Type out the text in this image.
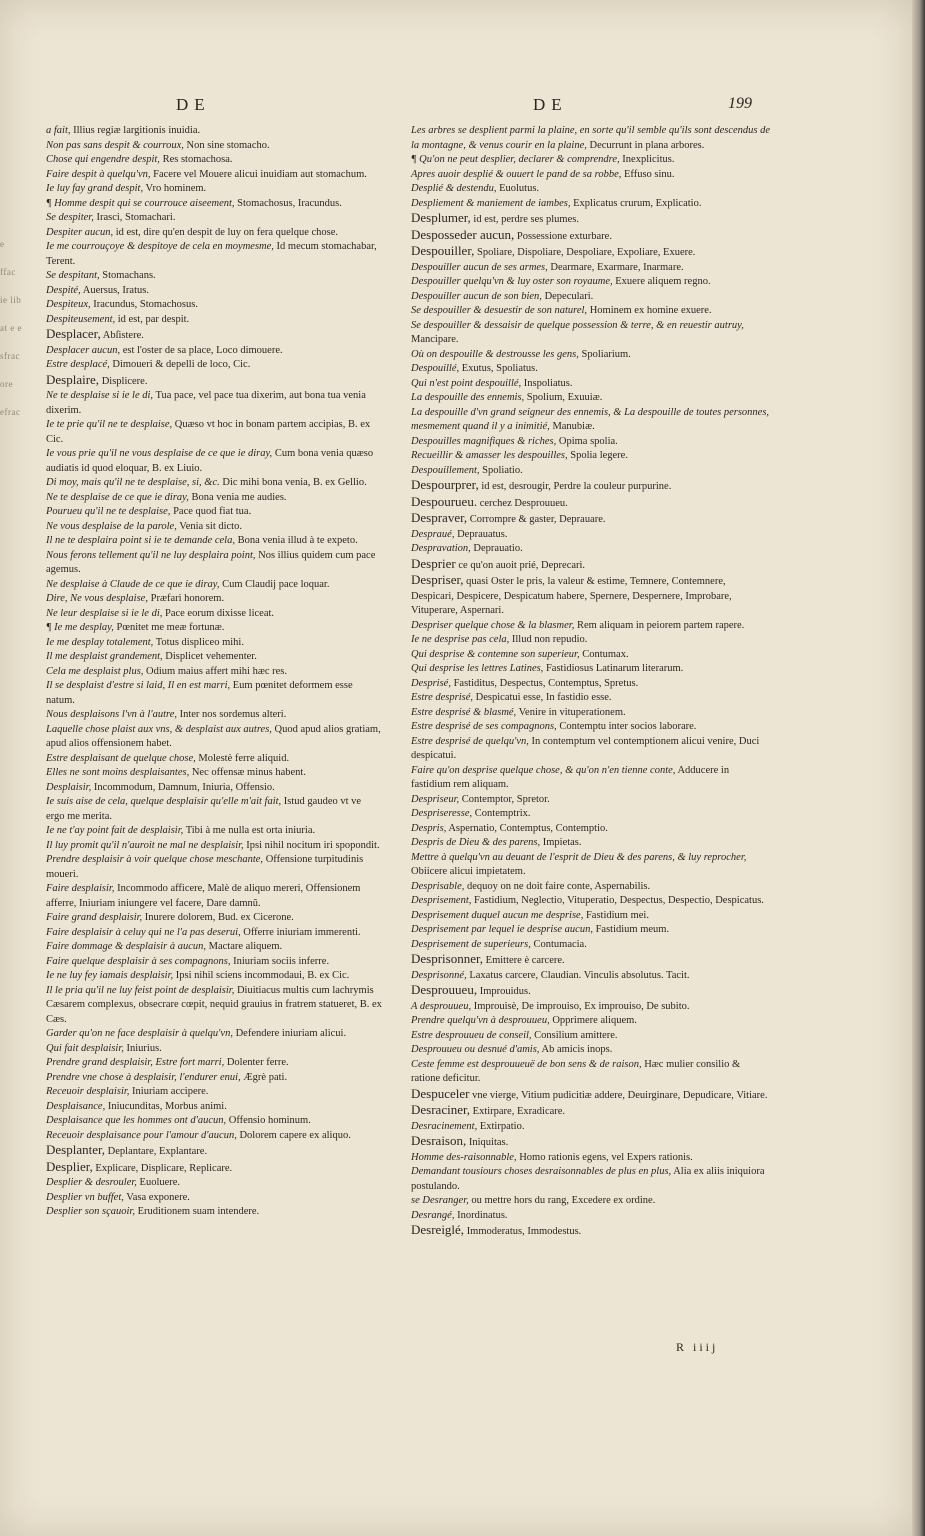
e ffac ie lib at e e sfrac ore efrac
DE	DE	199

a fait, Illius regiæ largitionis inuidia.

Non pas sans despit & courroux, Non sine stomacho.

Chose qui engendre despit, Res stomachosa.

Faire despit à quelqu'vn, Facere vel Mouere alicui inuidiam aut stomachum.

Ie luy fay grand despit, Vro hominem.

¶ Homme despit qui se courrouce aiseement, Stomachosus, Iracundus.

Se despiter, Irasci, Stomachari.

Despiter aucun, id est, dire qu'en despit de luy on fera quelque chose.

Ie me courrouçoye & despitoye de cela en moymesme, Id mecum stomachabar, Terent.

Se despitant, Stomachans.

Despité, Auersus, Iratus.

Despiteux, Iracundus, Stomachosus.

Despiteusement, id est, par despit.

Desplacer, Abſistere.

Desplacer aucun, est l'oster de sa place, Loco dimouere.

Estre desplacé, Dimoueri & depelli de loco, Cic.

Desplaire, Displicere.

Ne te desplaise si ie le di, Tua pace, vel pace tua dixerim, aut bona tua venia dixerim.

Ie te prie qu'il ne te desplaise, Quæso vt hoc in bonam partem accipias, B. ex Cic.

Ie vous prie qu'il ne vous desplaise de ce que ie diray, Cum bona venia quæso audiatis id quod eloquar, B. ex Liuio.

Di moy, mais qu'il ne te desplaise, si, &c. Dic mihi bona venia, B. ex Gellio.

Ne te desplaise de ce que ie diray, Bona venia me audies.

Pourueu qu'il ne te desplaise, Pace quod fiat tua.

Ne vous desplaise de la parole, Venia sit dicto.

Il ne te desplaira point si ie te demande cela, Bona venia illud à te expeto.

Nous ferons tellement qu'il ne luy desplaira point, Nos illius quidem cum pace agemus.

Ne desplaise à Claude de ce que ie diray, Cum Claudij pace loquar.

Dire, Ne vous desplaise, Præfari honorem.

Ne leur desplaise si ie le di, Pace eorum dixisse liceat.

¶ Ie me desplay, Pœnitet me meæ fortunæ.

Ie me desplay totalement, Totus displiceo mihi.

Il me desplaist grandement, Displicet vehementer.

Cela me desplaist plus, Odium maius affert mihi hæc res.

Il se desplaist d'estre si laid, Il en est marri, Eum pœnitet deformem esse natum.

Nous desplaisons l'vn à l'autre, Inter nos sordemus alteri.

Laquelle chose plaist aux vns, & desplaist aux autres, Quod apud alios gratiam, apud alios offensionem habet.

Estre desplaisant de quelque chose, Molestè ferre aliquid.

Elles ne sont moins desplaisantes, Nec offensæ minus habent.

Desplaisir, Incommodum, Damnum, Iniuria, Offensio.

Ie suis aise de cela, quelque desplaisir qu'elle m'ait fait, Istud gaudeo vt ve ergo me merita.

Ie ne t'ay point fait de desplaisir, Tibi à me nulla est orta iniuria.

Il luy promit qu'il n'auroit ne mal ne desplaisir, Ipsi nihil nocitum iri spopondit.

Prendre desplaisir à voir quelque chose meschante, Offensione turpitudinis moueri.

Faire desplaisir, Incommodo afficere, Malè de aliquo mereri, Offensionem afferre, Iniuriam iniungere vel facere, Dare damnũ.

Faire grand desplaisir, Inurere dolorem, Bud. ex Cicerone.

Faire desplaisir à celuy qui ne l'a pas deserui, Offerre iniuriam immerenti.

Faire dommage & desplaisir à aucun, Mactare aliquem.

Faire quelque desplaisir à ses compagnons, Iniuriam sociis inferre.

Ie ne luy fey iamais desplaisir, Ipsi nihil sciens incommodaui, B. ex Cic.

Il le pria qu'il ne luy feist point de desplaisir, Diuitiacus multis cum lachrymis Cæsarem complexus, obsecrare cœpit, nequid grauius in fratrem statueret, B. ex Cæs.

Garder qu'on ne face desplaisir à quelqu'vn, Defendere iniuriam alicui.

Qui fait desplaisir, Iniurius.

Prendre grand desplaisir, Estre fort marri, Dolenter ferre.

Prendre vne chose à desplaisir, l'endurer enui, Ægrè pati.

Receuoir desplaisir, Iniuriam accipere.

Desplaisance, Iniucunditas, Morbus animi.

Desplaisance que les hommes ont d'aucun, Offensio hominum.

Receuoir desplaisance pour l'amour d'aucun, Dolorem capere ex aliquo.

Desplanter, Deplantare, Explantare.

Desplier, Explicare, Displicare, Replicare.

Desplier & desrouler, Euoluere.

Desplier vn buffet, Vasa exponere.

Desplier son sçauoir, Eruditionem suam intendere.

Les arbres se desplient parmi la plaine, en sorte qu'il semble qu'ils sont descendus de la montagne, & venus courir en la plaine, Decurrunt in plana arbores.

¶ Qu'on ne peut desplier, declarer & comprendre, Inexplicitus.

Apres auoir desplié & ouuert le pand de sa robbe, Effuso sinu.

Desplié & destendu, Euolutus.

Despliement & maniement de iambes, Explicatus crurum, Explicatio.

Desplumer, id est, perdre ses plumes.

Desposseder aucun, Possessione exturbare.

Despouiller, Spoliare, Dispoliare, Despoliare, Expoliare, Exuere.

Despouiller aucun de ses armes, Dearmare, Exarmare, Inarmare.

Despouiller quelqu'vn & luy oster son royaume, Exuere aliquem regno.

Despouiller aucun de son bien, Depeculari.

Se despouiller & desuestir de son naturel, Hominem ex homine exuere.

Se despouiller & dessaisir de quelque possession & terre, & en reuestir autruy, Mancipare.

Où on despouille & destrousse les gens, Spoliarium.

Despouillé, Exutus, Spoliatus.

Qui n'est point despouillé, Inspoliatus.

La despouille des ennemis, Spolium, Exuuiæ.

La despouille d'vn grand seigneur des ennemis, & La despouille de toutes personnes, mesmement quand il y a inimitié, Manubiæ.

Despouilles magnifiques & riches, Opima spolia.

Recueillir & amasser les despouilles, Spolia legere.

Despouillement, Spoliatio.

Despourprer, id est, desrougir, Perdre la couleur purpurine.

Despourueu. cerchez Desprouueu.

Despraver, Corrompre & gaster, Deprauare.

Despraué, Deprauatus.

Despravation, Deprauatio.

Desprier ce qu'on auoit prié, Deprecari.

Despriser, quasi Oster le pris, la valeur & estime, Temnere, Contemnere, Despicari, Despicere, Despicatum habere, Spernere, Despernere, Improbare, Vituperare, Aspernari.

Despriser quelque chose & la blasmer, Rem aliquam in peiorem partem rapere.

Ie ne desprise pas cela, Illud non repudio.

Qui desprise & contemne son superieur, Contumax.

Qui desprise les lettres Latines, Fastidiosus Latinarum literarum.

Desprisé, Fastiditus, Despectus, Contemptus, Spretus.

Estre desprisé, Despicatui esse, In fastidio esse.

Estre desprisé & blasmé, Venire in vituperationem.

Estre desprisé de ses compagnons, Contemptu inter socios laborare.

Estre desprisé de quelqu'vn, In contemptum vel contemptionem alicui venire, Duci despicatui.

Faire qu'on desprise quelque chose, & qu'on n'en tienne conte, Adducere in fastidium rem aliquam.

Despriseur, Contemptor, Spretor.

Despriseresse, Contemptrix.

Despris, Aspernatio, Contemptus, Contemptio.

Despris de Dieu & des parens, Impietas.

Mettre à quelqu'vn au deuant de l'esprit de Dieu & des parens, & luy reprocher, Obiicere alicui impietatem.

Desprisable, dequoy on ne doit faire conte, Aspernabilis.

Desprisement, Fastidium, Neglectio, Vituperatio, Despectus, Despectio, Despicatus.

Desprisement duquel aucun me desprise, Fastidium mei.

Desprisement par lequel ie desprise aucun, Fastidium meum.

Desprisement de superieurs, Contumacia.

Desprisonner, Emittere è carcere.

Desprisonné, Laxatus carcere, Claudian. Vinculis absolutus. Tacit.

Desprouueu, Improuidus.

A desprouueu, Improuisè, De improuiso, Ex improuiso, De subito.

Prendre quelqu'vn à desprouueu, Opprimere aliquem.

Estre desprouueu de conseil, Consilium amittere.

Desprouueu ou desnué d'amis, Ab amicis inops.

Ceste femme est desprouueuë de bon sens & de raison, Hæc mulier consilio & ratione deficitur.

Despuceler vne vierge, Vitium pudicitiæ addere, Deuirginare, Depudicare, Vitiare.

Desraciner, Extirpare, Exradicare.

Desracinement, Extirpatio.

Desraison, Iniquitas.

Homme des-raisonnable, Homo rationis egens, vel Expers rationis.

Demandant tousiours choses desraisonnables de plus en plus, Alia ex aliis iniquiora postulando.

se Desranger, ou mettre hors du rang, Excedere ex ordine.

Desrangé, Inordinatus.

Desreiglé, Immoderatus, Immodestus.

R iiij
